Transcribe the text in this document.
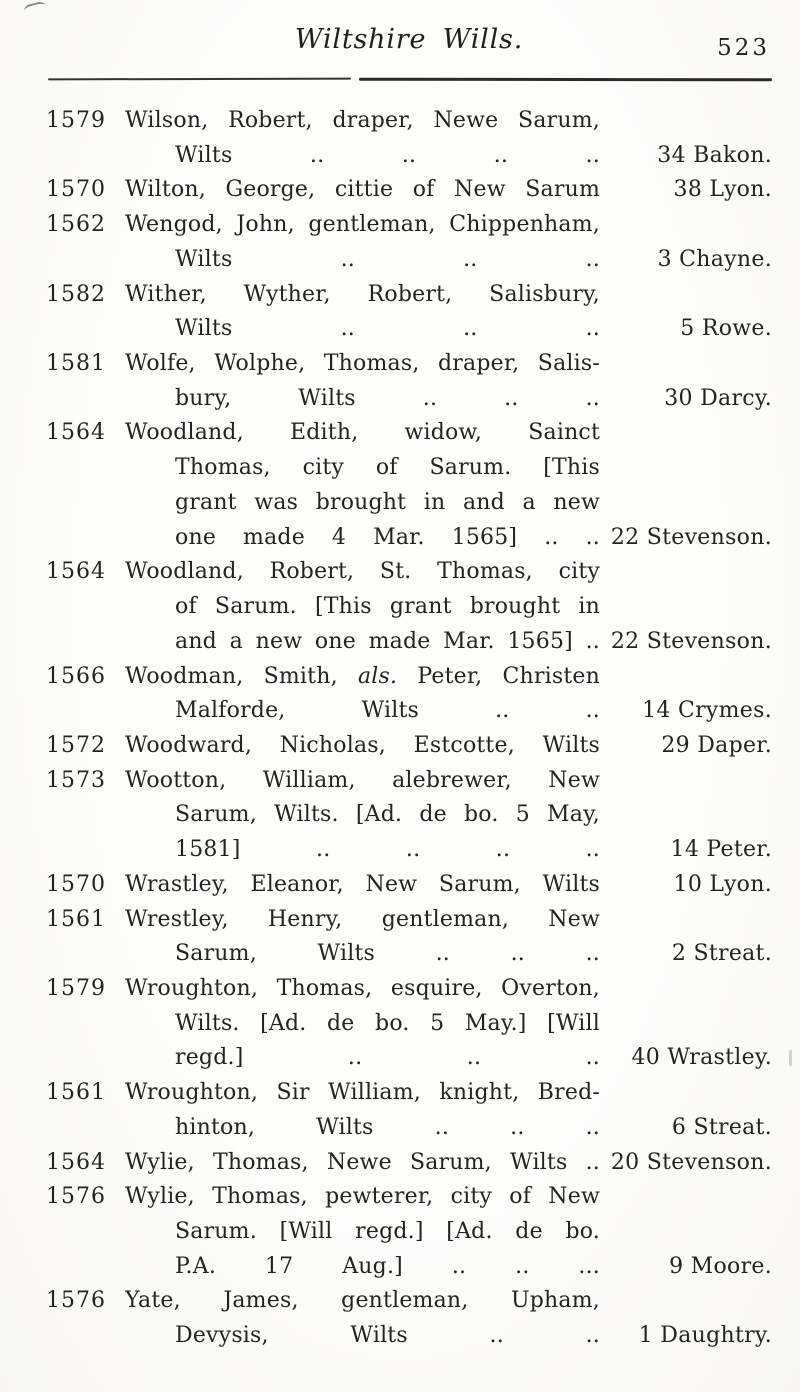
Wiltshire Wills.	523
1579 Wilson, Robert, draper, Newe Sarum,
Wilts .. .. .. ..	34 Bakon.
1570 Wilton, George, cittie of New Sarum	38 Lyon.
1562 Wengod, John, gentleman, Chippenham,
Wilts .. .. ..	3 Chayne.
1582 Wither, Wyther, Robert, Salisbury,
Wilts .. .. ..	5 Rowe.
1581 Wolfe, Wolphe, Thomas, draper, Salis-
bury, Wilts .. .. ..	30 Darcy.
1564 Woodland, Edith, widow, Sainct
Thomas, city of Sarum. [This
grant was brought in and a new
one made 4 Mar. 1565] .. .. 22 Stevenson.
1564 Woodland, Robert, St. Thomas, city
of Sarum. [This grant brought in
and a new one made Mar. 1565] .. 22 Stevenson.
1566 Woodman, Smith, als. Peter, Christen
Malforde, Wilts .. ..	14 Crymes.
1572 Woodward, Nicholas, Estcotte, Wilts	29 Daper.
1573 Wootton, William, alebrewer, New
Sarum, Wilts. [Ad. de bo. 5 May,
1581] .. .. .. ..	14 Peter.
1570 Wrastley, Eleanor, New Sarum, Wilts	10 Lyon.
1561 Wrestley, Henry, gentleman, New
Sarum, Wilts .. .. ..	2 Streat.
1579 Wroughton, Thomas, esquire, Overton,
Wilts. [Ad. de bo. 5 May.] [Will
regd.] .. .. ..	40 Wrastley.
1561 Wroughton, Sir William, knight, Bred-
hinton, Wilts .. .. ..	6 Streat.
1564 Wylie, Thomas, Newe Sarum, Wilts .. 20 Stevenson.
1576 Wylie, Thomas, pewterer, city of New
Sarum. [Will regd.] [Ad. de bo.
P.A. 17 Aug.] .. .. ...	9 Moore.
1576 Yate, James, gentleman, Upham,
Devysis, Wilts .. ..	1 Daughtry.
